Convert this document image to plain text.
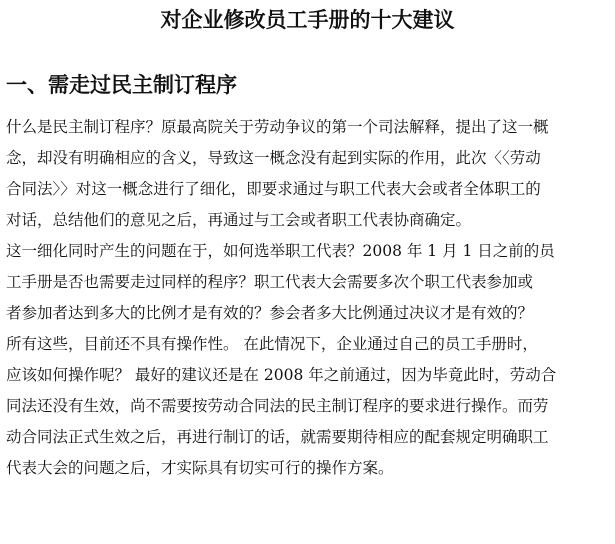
对企业修改员工手册的十大建议
一、需走过民主制订程序
什么是民主制订程序？原最高院关于劳动争议的第一个司法解释，提出了这一概
念，却没有明确相应的含义，导致这一概念没有起到实际的作用，此次〈〈劳动
合同法〉〉对这一概念进行了细化，即要求通过与职工代表大会或者全体职工的
对话，总结他们的意见之后，再通过与工会或者职工代表协商确定。
这一细化同时产生的问题在于，如何选举职工代表？2008 年 1 月 1 日之前的员
工手册是否也需要走过同样的程序？职工代表大会需要多次个职工代表参加或
者参加者达到多大的比例才是有效的？参会者多大比例通过决议才是有效的？
所有这些，目前还不具有操作性。 在此情况下，企业通过自己的员工手册时，
应该如何操作呢？ 最好的建议还是在 2008 年之前通过，因为毕竟此时，劳动合
同法还没有生效，尚不需要按劳动合同法的民主制订程序的要求进行操作。而劳
动合同法正式生效之后，再进行制订的话，就需要期待相应的配套规定明确职工
代表大会的问题之后，才实际具有切实可行的操作方案。
